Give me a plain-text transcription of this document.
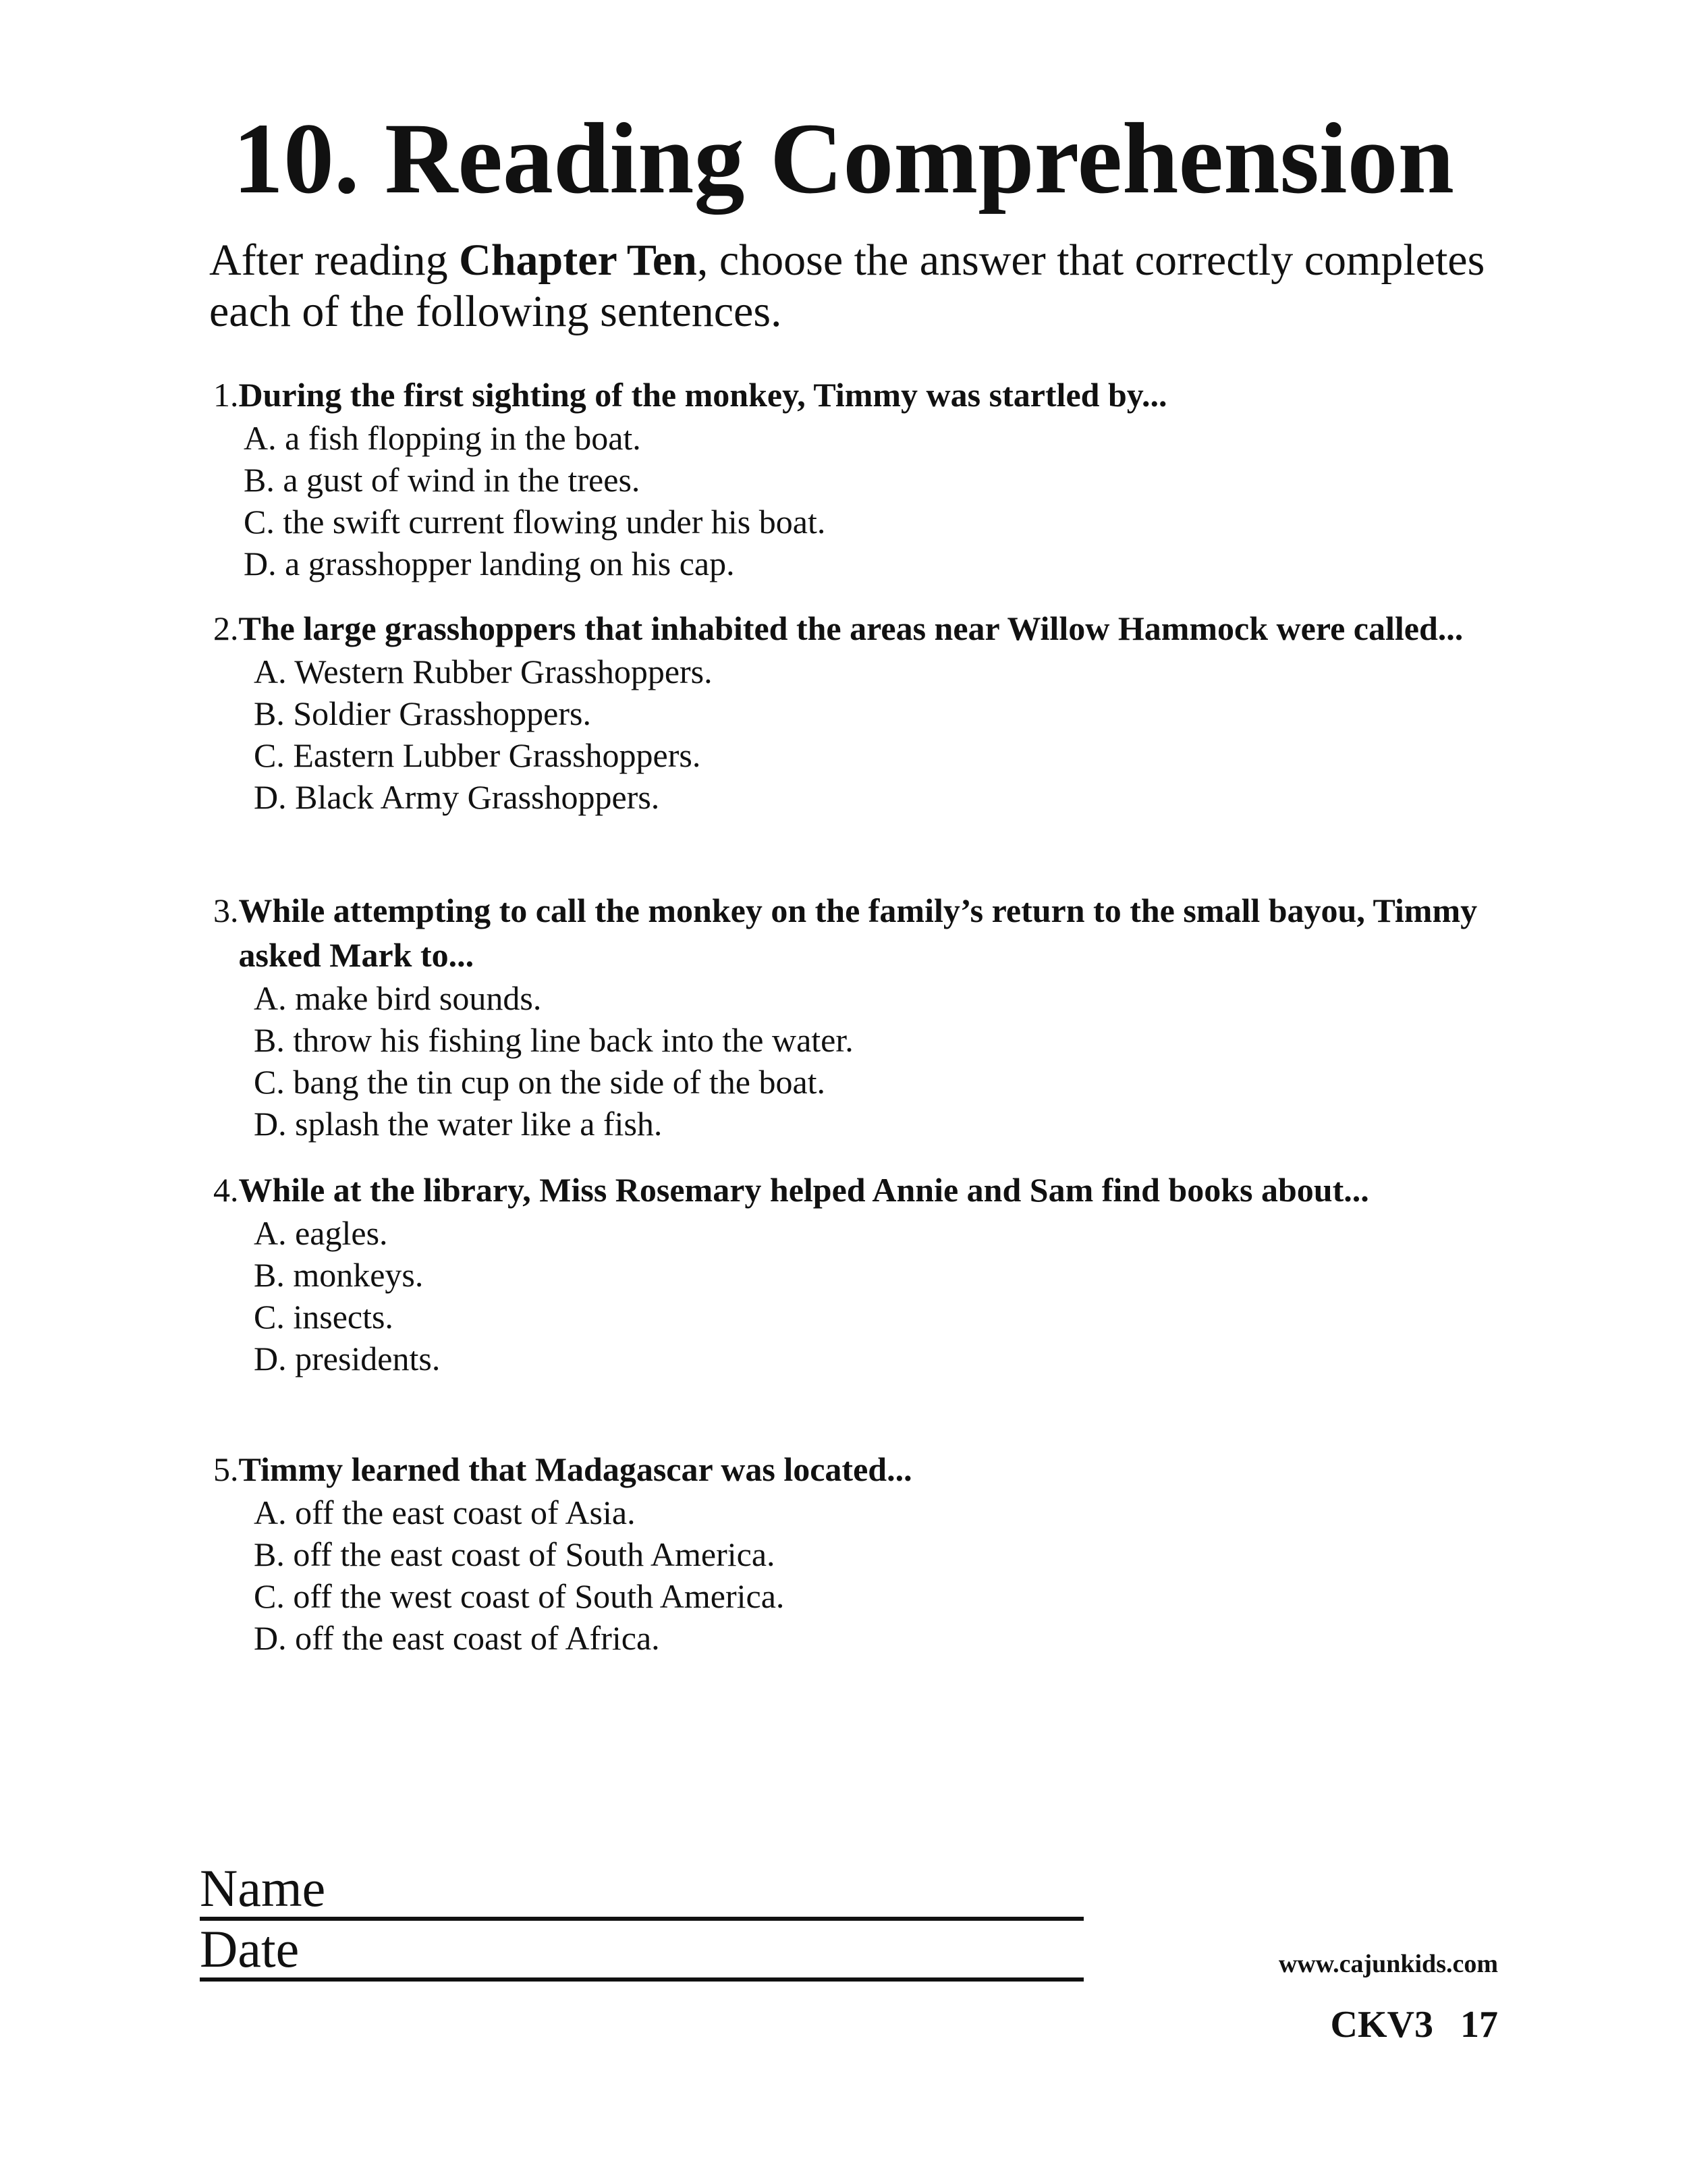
10. Reading Comprehension
After reading Chapter Ten, choose the answer that correctly completes each of the following sentences.
1. During the first sighting of the monkey, Timmy was startled by...
A. a fish flopping in the boat.
B. a gust of wind in the trees.
C. the swift current flowing under his boat.
D. a grasshopper landing on his cap.
2. The large grasshoppers that inhabited the areas near Willow Hammock were called...
A. Western Rubber Grasshoppers.
B. Soldier Grasshoppers.
C. Eastern Lubber Grasshoppers.
D. Black Army Grasshoppers.
3. While attempting to call the monkey on the family’s return to the small bayou, Timmy asked Mark to...
A. make bird sounds.
B. throw his fishing line back into the water.
C. bang the tin cup on the side of the boat.
D. splash the water like a fish.
4. While at the library, Miss Rosemary helped Annie and Sam find books about...
A. eagles.
B. monkeys.
C. insects.
D. presidents.
5. Timmy learned that Madagascar was located...
A. off the east coast of Asia.
B. off the east coast of South America.
C. off the west coast of South America.
D. off the east coast of Africa.
Name
Date	www.cajunkids.com
CKV3 17
